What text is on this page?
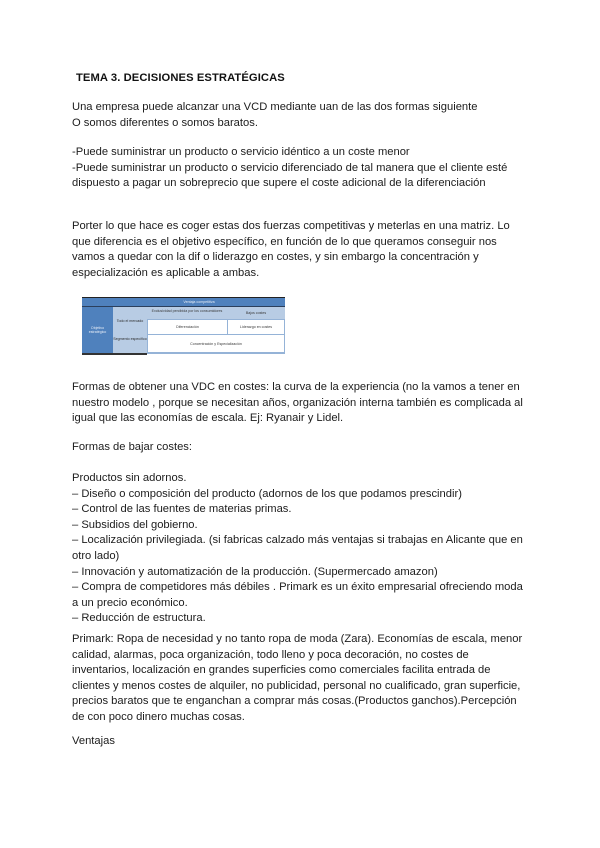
TEMA 3. DECISIONES ESTRATÉGICAS
Una empresa puede alcanzar una VCD mediante uan de las dos formas siguiente
O somos diferentes o somos baratos.
-Puede suministrar un producto o servicio idéntico a un coste menor
-Puede suministrar un producto o servicio diferenciado de tal manera que el cliente esté
dispuesto a pagar un sobreprecio que supere el coste adicional de la diferenciación
Porter lo que hace es coger estas dos fuerzas competitivas y meterlas en una matriz. Lo
que diferencia es el objetivo específico, en función de lo que queramos conseguir nos
vamos a quedar con la dif o liderazgo en costes, y sin embargo la concentración y
especialización es aplicable a ambas.
Ventaja competitiva
Objetivo estratégico
Todo el mercado
Segmento específico
Exclusividad percibida por los consumidores	Bajos costes
Diferenciación	Liderazgo en costes
Concentración y Especialización
Formas de obtener una VDC en costes: la curva de la experiencia (no la vamos a tener en
nuestro modelo , porque se necesitan años, organización interna también es complicada al
igual que las economías de escala. Ej: Ryanair y Lidel.
Formas de bajar costes:
Productos sin adornos.
– Diseño o composición del producto (adornos de los que podamos prescindir)
– Control de las fuentes de materias primas.
– Subsidios del gobierno.
– Localización privilegiada. (si fabricas calzado más ventajas si trabajas en Alicante que en
otro lado)
– Innovación y automatización de la producción. (Supermercado amazon)
– Compra de competidores más débiles . Primark es un éxito empresarial ofreciendo moda
a un precio económico.
– Reducción de estructura.
Primark: Ropa de necesidad y no tanto ropa de moda (Zara). Economías de escala, menor
calidad, alarmas, poca organización, todo lleno y poca decoración, no costes de
inventarios, localización en grandes superficies como comerciales facilita entrada de
clientes y menos costes de alquiler, no publicidad, personal no cualificado, gran superficie,
precios baratos que te enganchan a comprar más cosas.(Productos ganchos).Percepción
de con poco dinero muchas cosas.
Ventajas
